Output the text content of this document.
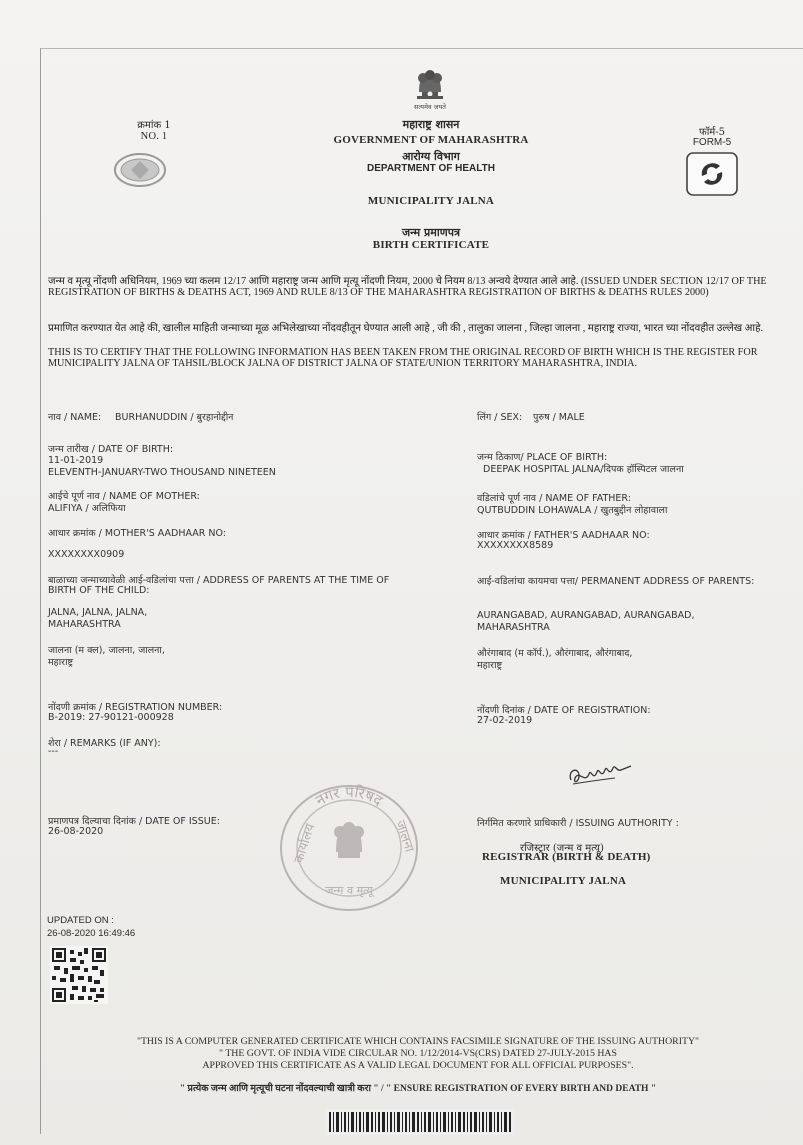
सत्यमेव जयते
क्रमांक 1
NO. 1
महाराष्ट्र शासन
GOVERNMENT OF MAHARASHTRA
आरोग्य विभाग
DEPARTMENT OF HEALTH
फॉर्म-5
FORM-5
MUNICIPALITY JALNA
जन्म प्रमाणपत्र
BIRTH CERTIFICATE
जन्म व मृत्यू नोंदणी अधिनियम, 1969 च्या कलम 12/17 आणि महाराष्ट्र जन्म आणि मृत्यू नोंदणी नियम, 2000 चे नियम 8/13 अन्वये देण्यात आले आहे. (ISSUED UNDER SECTION 12/17 OF THE REGISTRATION OF BIRTHS & DEATHS ACT, 1969 AND RULE 8/13 OF THE MAHARASHTRA REGISTRATION OF BIRTHS & DEATHS RULES 2000)
प्रमाणित करण्यात येत आहे की, खालील माहिती जन्माच्या मूळ अभिलेखाच्या नोंदवहीतून घेण्यात आली आहे , जी की , तालुका जालना , जिल्हा जालना , महाराष्ट्र राज्या, भारत च्या नोंदवहीत उल्लेख आहे.
THIS IS TO CERTIFY THAT THE FOLLOWING INFORMATION HAS BEEN TAKEN FROM THE ORIGINAL RECORD OF BIRTH WHICH IS THE REGISTER FOR MUNICIPALITY JALNA OF TAHSIL/BLOCK JALNA OF DISTRICT JALNA OF STATE/UNION TERRITORY MAHARASHTRA, INDIA.
नाव / NAME: BURHANUDDIN / बुरहानोद्दीन	लिंग / SEX: पुरुष / MALE
जन्म तारीख / DATE OF BIRTH:
11-01-2019
ELEVENTH-JANUARY-TWO THOUSAND NINETEEN
जन्म ठिकाण/ PLACE OF BIRTH:
DEEPAK HOSPITAL JALNA/दिपक हॉस्पिटल जालना
आईचे पूर्ण नाव / NAME OF MOTHER:
ALIFIYA / अलिफिया
वडिलांचे पूर्ण नाव / NAME OF FATHER:
QUTBUDDIN LOHAWALA / खुतबुद्दीन लोहावाला
आधार क्रमांक / MOTHER'S AADHAAR NO:
XXXXXXXX0909
आधार क्रमांक / FATHER'S AADHAAR NO:
XXXXXXXX8589
बाळाच्या जन्माच्यावेळी आई-वडिलांचा पत्ता / ADDRESS OF PARENTS AT THE TIME OF
BIRTH OF THE CHILD:
JALNA, JALNA, JALNA,
MAHARASHTRA
जालना (म क्ल), जालना, जालना,
महाराष्ट्र
आई-वडिलांचा कायमचा पत्ता/ PERMANENT ADDRESS OF PARENTS:
AURANGABAD, AURANGABAD, AURANGABAD,
MAHARASHTRA
औरंगाबाद (म कॉर्प.), औरंगाबाद, औरंगाबाद,
महाराष्ट्र
नोंदणी क्रमांक / REGISTRATION NUMBER:
B-2019: 27-90121-000928
नोंदणी दिनांक / DATE OF REGISTRATION:
27-02-2019
शेरा / REMARKS (IF ANY):
---
प्रमाणपत्र दिल्याचा दिनांक / DATE OF ISSUE:
26-08-2020
निर्गमित करणारे प्राधिकारी / ISSUING AUTHORITY :
रजिस्ट्रार (जन्म व मृत्यू)
REGISTRAR (BIRTH & DEATH)
MUNICIPALITY JALNA
नगर परिषद
कार्यालय	जालना
जन्म व मृत्यू
UPDATED ON :
26-08-2020 16:49:46
"THIS IS A COMPUTER GENERATED CERTIFICATE WHICH CONTAINS FACSIMILE SIGNATURE OF THE ISSUING AUTHORITY"
" THE GOVT. OF INDIA VIDE CIRCULAR NO. 1/12/2014-VS(CRS) DATED 27-JULY-2015 HAS
APPROVED THIS CERTIFICATE AS A VALID LEGAL DOCUMENT FOR ALL OFFICIAL PURPOSES".
" प्रत्येक जन्म आणि मृत्यूची घटना नोंदवल्याची खात्री करा " / " ENSURE REGISTRATION OF EVERY BIRTH AND DEATH "
